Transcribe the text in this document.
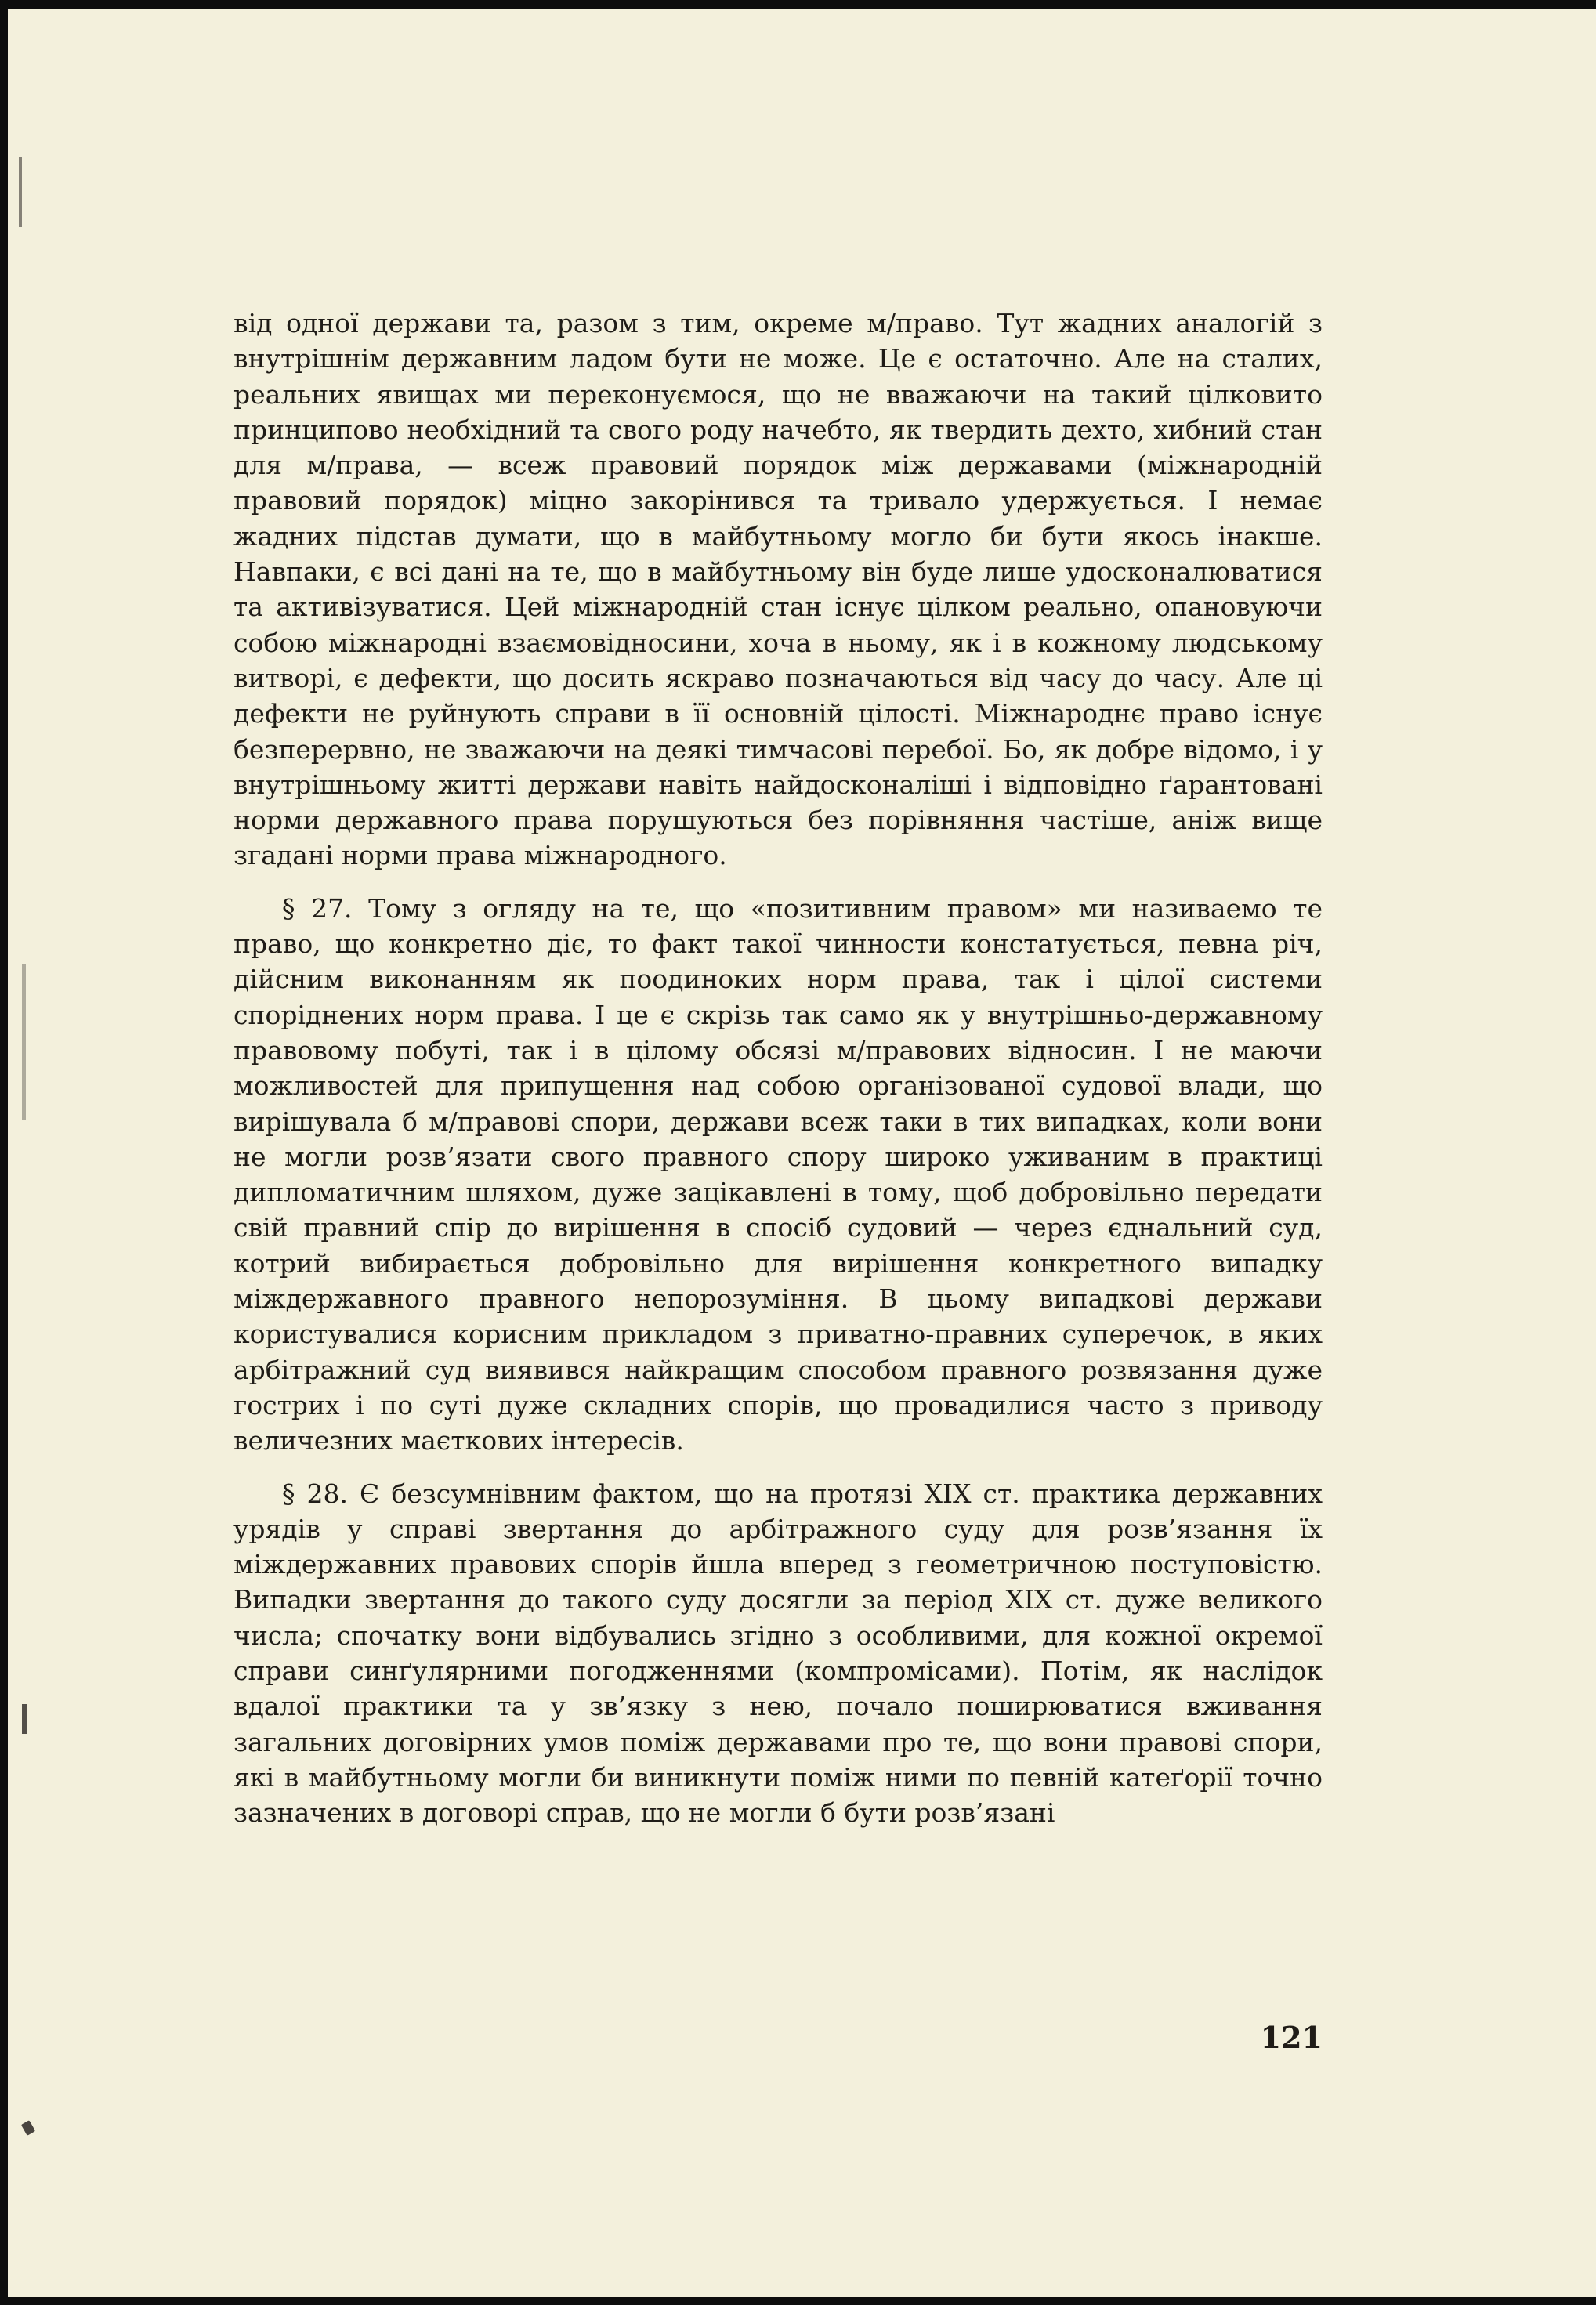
від одної держави та, разом з тим, окреме м/право. Тут жадних аналогій з внутрішнім державним ладом бути не може. Це є остаточно. Але на сталих, реальних явищах ми переконуємося, що не вважаючи на такий цілковито принципово необхідний та свого роду начебто, як твердить дехто, хибний стан для м/права, — всеж правовий порядок між державами (міжнародній правовий порядок) міцно закорінився та тривало удержується. І немає жадних підстав думати, що в майбутньому могло би бути якось інакше. Навпаки, є всі дані на те, що в майбутньому він буде лише удосконалюватися та активізуватися. Цей міжнародній стан існує цілком реально, опановуючи собою міжнародні взаємовідносини, хоча в ньому, як і в кожному людському витворі, є дефекти, що досить яскраво позначаються від часу до часу. Але ці дефекти не руйнують справи в її основній цілості. Міжнароднє право існує безперервно, не зважаючи на деякі тимчасові перебої. Бо, як добре відомо, і у внутрішньому житті держави навіть найдосконаліші і відповідно ґарантовані норми державного права порушуються без порівняння частіше, аніж вище згадані норми права міжнародного.

§ 27. Тому з огляду на те, що «позитивним правом» ми називаемо те право, що конкретно діє, то факт такої чинности констатується, певна річ, дійсним виконанням як поодиноких норм права, так і цілої системи споріднених норм права. І це є скрізь так само як у внутрішньо-державному правовому побуті, так і в цілому обсязі м/правових відносин. І не маючи можливостей для припущення над собою організованої судової влади, що вирішувала б м/правові спори, держави всеж таки в тих випадках, коли вони не могли розв’язати свого правного спору широко уживаним в практиці дипломатичним шляхом, дуже зацікавлені в тому, щоб добровільно передати свій правний спір до вирішення в спосіб судовий — через єднальний суд, котрий вибирається добровільно для вирішення конкретного випадку міждержавного правного непорозуміння. В цьому випадкові держави користувалися корисним прикладом з приватно-правних суперечок, в яких арбітражний суд виявився найкращим способом правного розвязання дуже гострих і по суті дуже складних спорів, що провадилися часто з приводу величезних маєткових інтересів.

§ 28. Є безсумнівним фактом, що на протязі XIX ст. практика державних урядів у справі звертання до арбітражного суду для розв’язання їх міждержавних правових спорів йшла вперед з геометричною поступовістю. Випадки звертання до такого суду досягли за період XIX ст. дуже великого числа; спочатку вони відбувались згідно з особливими, для кожної окремої справи синґулярними погодженнями (компромісами). Потім, як наслідок вдалої практики та у зв’язку з нею, почало поширюватися вживання загальних договірних умов поміж державами про те, що вони правові спори, які в майбутньому могли би виникнути поміж ними по певній катеґорії точно зазначених в договорі справ, що не могли б бути розв’язані

121
